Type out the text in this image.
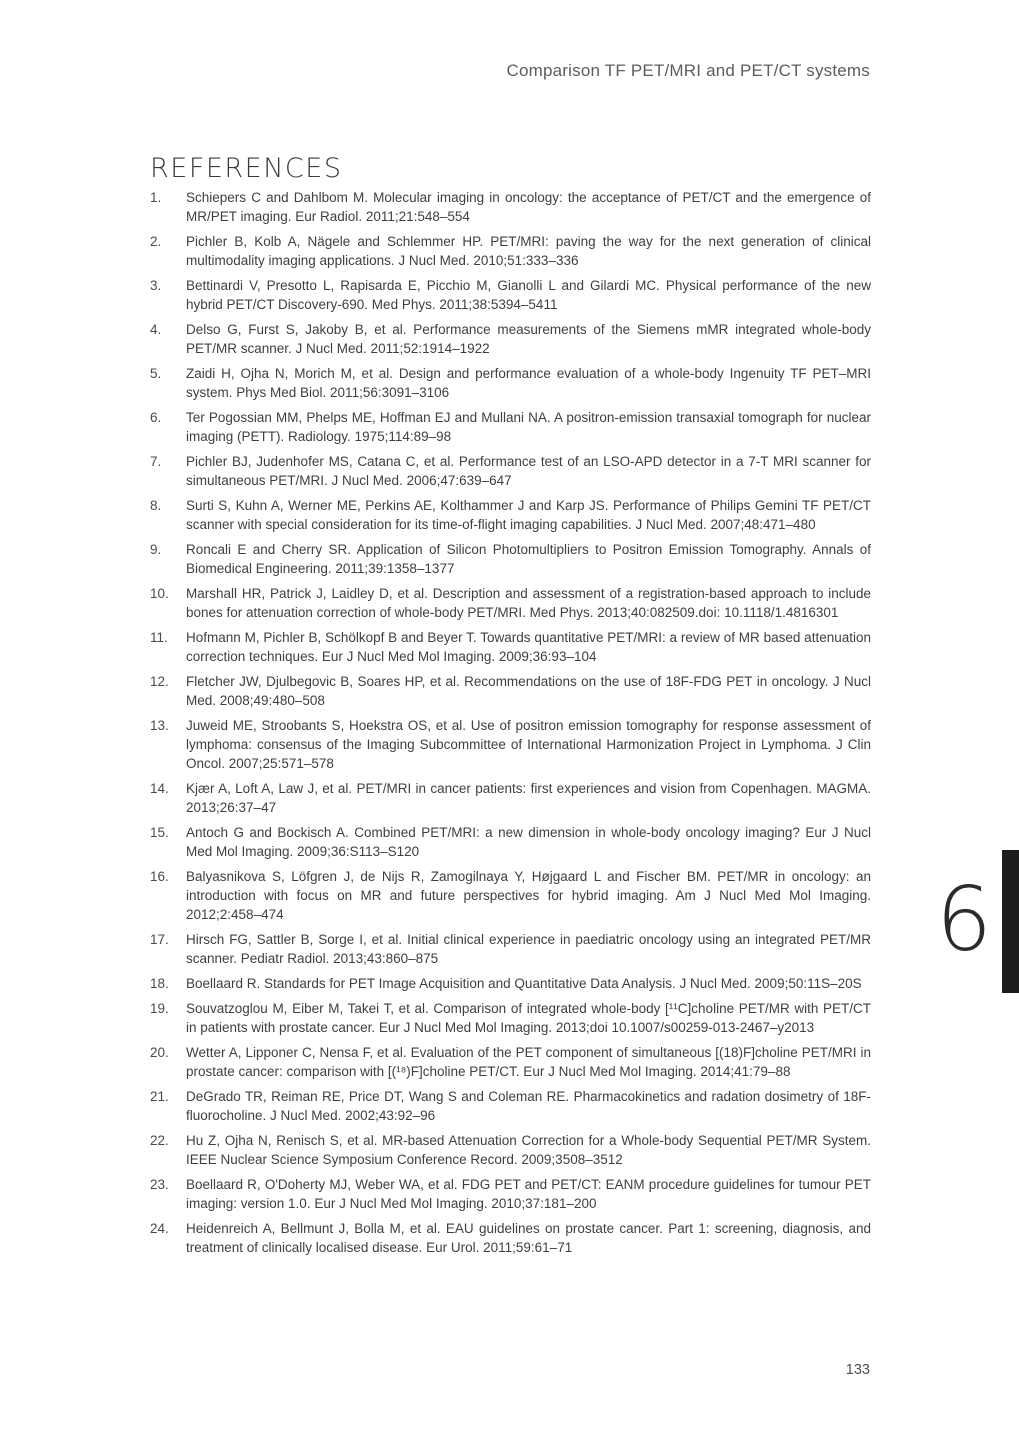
Comparison TF PET/MRI and PET/CT systems
REFERENCES
1.	Schiepers C and Dahlbom M. Molecular imaging in oncology: the acceptance of PET/CT and the emergence of MR/PET imaging. Eur Radiol. 2011;21:548–554
2.	Pichler B, Kolb A, Nägele and Schlemmer HP. PET/MRI: paving the way for the next generation of clinical multimodality imaging applications. J Nucl Med. 2010;51:333–336
3.	Bettinardi V, Presotto L, Rapisarda E, Picchio M, Gianolli L and Gilardi MC. Physical performance of the new hybrid PET/CT Discovery-690. Med Phys. 2011;38:5394–5411
4.	Delso G, Furst S, Jakoby B, et al. Performance measurements of the Siemens mMR integrated whole-body PET/MR scanner. J Nucl Med. 2011;52:1914–1922
5.	Zaidi H, Ojha N, Morich M, et al. Design and performance evaluation of a whole-body Ingenuity TF PET–MRI system. Phys Med Biol. 2011;56:3091–3106
6.	Ter Pogossian MM, Phelps ME, Hoffman EJ and Mullani NA. A positron-emission transaxial tomograph for nuclear imaging (PETT). Radiology. 1975;114:89–98
7.	Pichler BJ, Judenhofer MS, Catana C, et al. Performance test of an LSO-APD detector in a 7-T MRI scanner for simultaneous PET/MRI. J Nucl Med. 2006;47:639–647
8.	Surti S, Kuhn A, Werner ME, Perkins AE, Kolthammer J and Karp JS. Performance of Philips Gemini TF PET/CT scanner with special consideration for its time-of-flight imaging capabilities. J Nucl Med. 2007;48:471–480
9.	Roncali E and Cherry SR. Application of Silicon Photomultipliers to Positron Emission Tomography. Annals of Biomedical Engineering. 2011;39:1358–1377
10.	Marshall HR, Patrick J, Laidley D, et al. Description and assessment of a registration-based approach to include bones for attenuation correction of whole-body PET/MRI. Med Phys. 2013;40:082509.doi: 10.1118/1.4816301
11.	Hofmann M, Pichler B, Schölkopf B and Beyer T. Towards quantitative PET/MRI: a review of MR based attenuation correction techniques. Eur J Nucl Med Mol Imaging. 2009;36:93–104
12.	Fletcher JW, Djulbegovic B, Soares HP, et al. Recommendations on the use of 18F-FDG PET in oncology. J Nucl Med. 2008;49:480–508
13.	Juweid ME, Stroobants S, Hoekstra OS, et al. Use of positron emission tomography for response assessment of lymphoma: consensus of the Imaging Subcommittee of International Harmonization Project in Lymphoma. J Clin Oncol. 2007;25:571–578
14.	Kjær A, Loft A, Law J, et al. PET/MRI in cancer patients: first experiences and vision from Copenhagen. MAGMA. 2013;26:37–47
15.	Antoch G and Bockisch A. Combined PET/MRI: a new dimension in whole-body oncology imaging? Eur J Nucl Med Mol Imaging. 2009;36:S113–S120
16.	Balyasnikova S, Löfgren J, de Nijs R, Zamogilnaya Y, Højgaard L and Fischer BM. PET/MR in oncology: an introduction with focus on MR and future perspectives for hybrid imaging. Am J Nucl Med Mol Imaging. 2012;2:458–474
17.	Hirsch FG, Sattler B, Sorge I, et al. Initial clinical experience in paediatric oncology using an integrated PET/MR scanner. Pediatr Radiol. 2013;43:860–875
18.	Boellaard R. Standards for PET Image Acquisition and Quantitative Data Analysis. J Nucl Med. 2009;50:11S–20S
19.	Souvatzoglou M, Eiber M, Takei T, et al. Comparison of integrated whole-body [¹¹C]choline PET/MR with PET/CT in patients with prostate cancer. Eur J Nucl Med Mol Imaging. 2013;doi 10.1007/s00259-013-2467–y2013
20.	Wetter A, Lipponer C, Nensa F, et al. Evaluation of the PET component of simultaneous [(18)F]choline PET/MRI in prostate cancer: comparison with [(¹⁸)F]choline PET/CT. Eur J Nucl Med Mol Imaging. 2014;41:79–88
21.	DeGrado TR, Reiman RE, Price DT, Wang S and Coleman RE. Pharmacokinetics and radation dosimetry of 18F-fluorocholine. J Nucl Med. 2002;43:92–96
22.	Hu Z, Ojha N, Renisch S, et al. MR-based Attenuation Correction for a Whole-body Sequential PET/MR System. IEEE Nuclear Science Symposium Conference Record. 2009;3508–3512
23.	Boellaard R, O'Doherty MJ, Weber WA, et al. FDG PET and PET/CT: EANM procedure guidelines for tumour PET imaging: version 1.0. Eur J Nucl Med Mol Imaging. 2010;37:181–200
24.	Heidenreich A, Bellmunt J, Bolla M, et al. EAU guidelines on prostate cancer. Part 1: screening, diagnosis, and treatment of clinically localised disease. Eur Urol. 2011;59:61–71
6
133
